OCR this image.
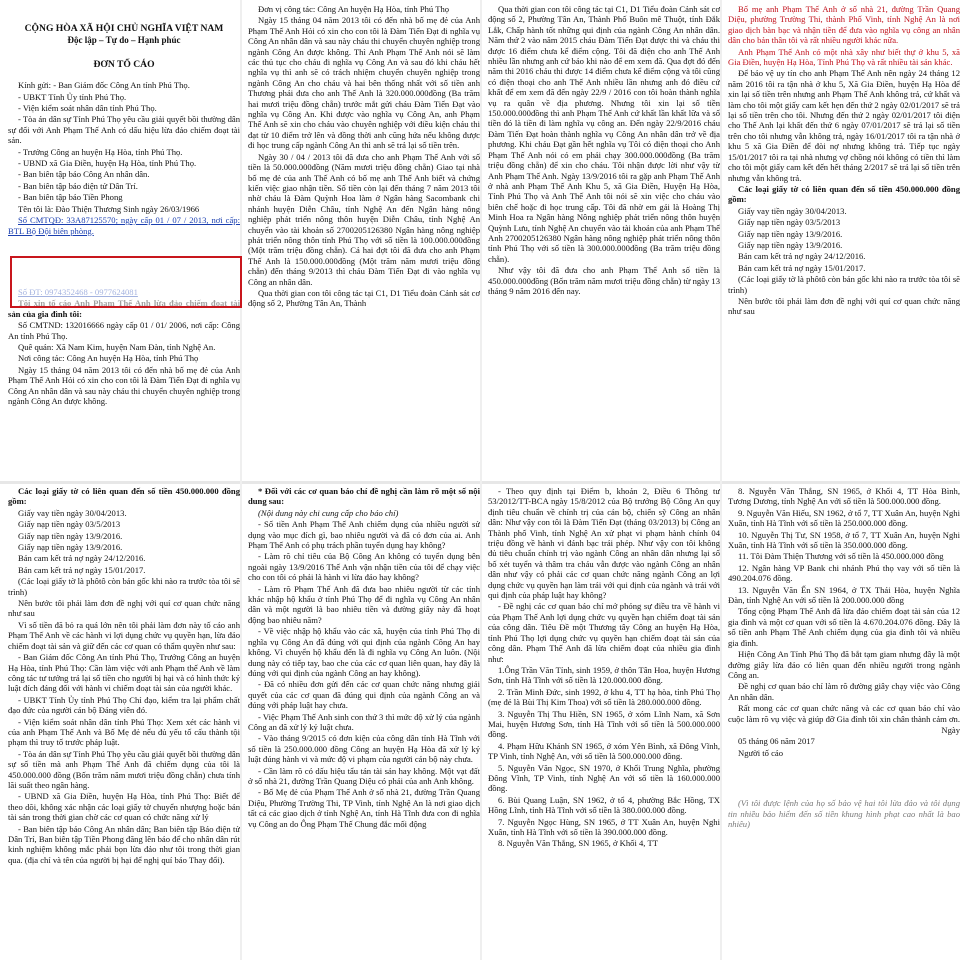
CỘNG HÒA XÃ HỘI CHỦ NGHĨA VIỆT NAM

Độc lập – Tự do – Hạnh phúc

ĐƠN TỐ CÁO

Kính gửi: - Ban Giám đốc Công An tỉnh Phú Thọ.

- UBKT Tỉnh Ủy tỉnh Phú Thọ.

- Viện kiểm soát nhân dân tỉnh Phú Thọ.

- Tòa án dân sự Tỉnh Phú Thọ yêu cầu giải quyết bồi thường dân sự đối với Anh Phạm Thế Anh có dấu hiệu lừa đảo chiếm đoạt tài sản.

- Trưởng Công an huyện Hạ Hòa, tỉnh Phú Thọ.

- UBND xã Gia Điền, huyện Hạ Hòa, tỉnh Phú Thọ.

- Ban biên tập báo Công An nhân dân.

- Ban biên tập báo điện tử Dân Trí.

- Ban biên tập báo Tiền Phong

Tên tôi là: Đào Thiện Thương Sinh ngày 26/03/1966

Số CMTQĐ: 33A87125570; ngày cấp 01 / 07 / 2013, nơi cấp: BTL Bộ Đội biên phòng.

sản của gia đình tôi:

Số CMTND: 132016666 ngày cấp 01 / 01/ 2006, nơi cấp: Công An tỉnh Phú Thọ.

Quê quán: Xã Nam Kim, huyện Nam Đàn, tỉnh Nghệ An.

Nơi công tác: Công An huyện Hạ Hòa, tỉnh Phú Thọ

Ngày 15 tháng 04 năm 2013 tôi có đến nhà bố mẹ đẻ của Anh Phạm Thế Anh Hỏi có xin cho con tôi là Đàm Tiến Đạt đi nghĩa vụ Công An nhân dân và sau này cháu thi chuyển chuyên nghiệp trong ngành Công An được không.

Đơn vị công tác: Công An huyện Hạ Hòa, tỉnh Phú Thọ

Ngày 15 tháng 04 năm 2013 tôi có đến nhà bố mẹ đẻ của Anh Phạm Thế Anh Hỏi có xin cho con tôi là Đàm Tiến Đạt đi nghĩa vụ Công An nhân dân và sau này cháu thi chuyển chuyên nghiệp trong ngành Công An được không. Thì Anh Phạm Thế Anh nói sẽ làm các thủ tục cho cháu đi nghĩa vụ Công An và sau đó khi cháu hết nghĩa vụ thì anh sẽ có trách nhiệm chuyển chuyên nghiệp trong ngành Công An cho cháu và hai bên thống nhất với số tiền anh Thương phải đưa cho anh Thế Anh là 320.000.000đồng (Ba trăm hai mươi triệu đồng chẵn) trước mắt gửi cháu Đàm Tiến Đạt vào nghĩa vụ Công An. Khi được vào nghĩa vụ Công An, anh Phạm Thế Anh sẽ xin cho cháu vào chuyên nghiệp với điều kiện cháu thi đạt từ 10 điểm trở lên và đồng thời anh cũng hứa nếu không được đi học trung cấp ngành Công An thì anh sẽ trả lại số tiền trên.

Ngày 30 / 04 / 2013 tôi đã đưa cho anh Phạm Thế Anh với số tiền là 50.000.000đồng (Năm mươi triệu đồng chẵn) Giao tại nhà bố mẹ đẻ của anh Thế Anh có bố mẹ anh Thế Anh biết và chứng kiến việc giao nhận tiền. Số tiền còn lại đến tháng 7 năm 2013 tôi nhờ cháu là Đàm Quỳnh Hoa làm ở Ngân hàng Sacombank chi nhánh huyện Diễn Châu, tỉnh Nghệ An đến Ngân hàng nông nghiệp phát triển nông thôn huyện Diễn Châu, tỉnh Nghệ An chuyển vào tài khoản số 2700205126380 Ngân hàng nông nghiệp phát triển nông thôn tỉnh Phú Thọ với số tiền là 100.000.000đồng (Một trăm triệu đồng chẵn). Cả hai đợt tôi đã đưa cho anh Phạm Thế Anh là 150.000.000đồng (Một trăm năm mươi triệu đồng chẵn) đến tháng 9/2013 thì cháu Đàm Tiến Đạt đi vào nghĩa vụ Công an nhân dân.

Qua thời gian con tôi công tác tại C1, D1 Tiểu đoàn Cảnh sát cơ động số 2, Phường Tân An, Thành

Qua thời gian con tôi công tác tại C1, D1 Tiểu đoàn Cảnh sát cơ động số 2, Phường Tân An, Thành Phố Buôn mê Thuột, tỉnh Đắk Lắk, Chấp hành tốt những qui định của ngành Công An nhân dân. Năm thứ 2 vào năm 2015 cháu Đàm Tiến Đạt được thi và cháu thi được 16 điểm chưa kể điểm cộng. Tôi đã điện cho anh Thế Anh nhiều lần nhưng anh cứ bảo khi nào để em xem đã. Qua đợt đó đến năm thi 2016 cháu thi được 14 điểm chưa kể điểm cộng và tôi cũng có điện thoại cho anh Thế Anh nhiều lần nhưng anh đó điều cứ khất để em xem đã đến ngày 22/9 / 2016 con tôi hoàn thành nghĩa vụ ra quân về địa phương. Nhưng tôi xin lại số tiền 150.000.000đồng thì anh Phạm Thế Anh cứ khất lần khất lữa và số tiền đó là tiền đi làm nghĩa vụ công an. Đến ngày 22/9/2016 cháu Đàm Tiến Đạt hoàn thành nghĩa vụ Công An nhân dân trở về địa phương. Khi cháu Đạt gần hết nghĩa vụ Tôi có điện thoại cho Anh Phạm Thế Anh nói có em phải chạy 300.000.000đồng (Ba trăm triệu đồng chẵn) để xin cho cháu. Tôi nhận được lời như vậy từ Anh Phạm Thế Anh. Ngày 13/9/2016 tôi ra gặp anh Phạm Thế Anh ở nhà anh Phạm Thế Anh Khu 5, xã Gia Điền, Huyện Hạ Hòa, Tỉnh Phú Thọ và Anh Thế Anh tôi nói sẽ xin việc cho cháu vào biên chế hoặc đi học trung cấp. Tôi đã nhờ em gái là Hoàng Thị Minh Hoa ra Ngân hàng Nông nghiệp phát triển nông thôn huyện Quỳnh Lưu, tỉnh Nghệ An chuyển vào tài khoản của anh Phạm Thế Anh 2700205126380 Ngân hàng nông nghiệp phát triển nông thôn tỉnh Phú Thọ với số tiền là 300.000.000đồng (Ba trăm triệu đồng chẵn).

Như vậy tôi đã đưa cho anh Phạm Thế Anh số tiền là 450.000.000đồng (Bốn trăm năm mươi triệu đồng chẵn) từ ngày 13 tháng 9 năm 2016 đến nay.

Bố mẹ anh Phạm Thế Anh ở số nhà 21, đường Trần Quang Diệu, phường Trường Thi, thành Phố Vinh, tỉnh Nghệ An là nơi giao dịch bàn bạc và nhận tiền để đưa vào nghĩa vụ công an nhân dân cho bản thân tôi và rất nhiều người khác nữa.

Anh Phạm Thế Anh có một nhà xây như biết thự ở khu 5, xã Gia Điền, huyện Hạ Hòa, Tỉnh Phú Thọ và rất nhiều tài sản khác.

Để bảo vệ uy tín cho anh Phạm Thế Anh nên ngày 24 tháng 12 năm 2016 tôi ra tận nhà ở khu 5, Xã Gia Điền, huyện Hạ Hòa để xin lại số tiền trên nhưng anh Phạm Thế Anh không trả, cứ khất và làm cho tôi một giấy cam kết hẹn đến thứ 2 ngày 02/01/2017 sẽ trả lại số tiền trên cho tôi. Nhưng đến thứ 2 ngày 02/01/2017 tôi điện cho Thế Anh lại khất đến thứ 6 ngày 07/01/2017 sẽ trả lại số tiền trên cho tôi nhưng vẫn không trả, ngày 16/01/2017 tôi ra tận nhà ở khu 5 xã Gia Điền để đòi nợ nhưng không trả. Tiếp tục ngày 15/01/2017 tôi ra tại nhà nhưng vợ chồng nói không có tiền thì làm cho tôi một giấy cam kết đến hết tháng 2/2017 sẽ trả lại số tiền trên nhưng vẫn không trả.

Các loại giấy tờ có liên quan đến số tiền 450.000.000 đồng gồm:

Giấy vay tiền ngày 30/04/2013.

Giấy nạp tiền ngày 03/5/2013

Giấy nạp tiền ngày 13/9/2016.

Giấy nạp tiền ngày 13/9/2016.

Bản cam kết trả nợ ngày 24/12/2016.

Bản cam kết trả nợ ngày 15/01/2017.

(Các loại giấy tờ là phôtô còn bản gốc khi nào ra trước tòa tôi sẽ trình)

Nên bước tôi phải làm đơn đề nghị với quí cơ quan chức năng như sau

Các loại giấy tờ có liên quan đến số tiền 450.000.000 đồng gồm:

Giấy vay tiền ngày 30/04/2013.

Giấy nạp tiền ngày 03/5/2013

Giấy nạp tiền ngày 13/9/2016.

Giấy nạp tiền ngày 13/9/2016.

Bản cam kết trả nợ ngày 24/12/2016.

Bản cam kết trả nợ ngày 15/01/2017.

(Các loại giấy tờ là phôtô còn bản gốc khi nào ra trước tòa tôi sẽ trình)

Nên bước tôi phải làm đơn đề nghị với quí cơ quan chức năng như sau

Vì số tiền đã bỏ ra quá lớn nên tôi phải làm đơn này tố cáo anh Phạm Thế Anh về các hành vi lợi dụng chức vụ quyền hạn, lừa đảo chiếm đoạt tài sản và giữ đến các cơ quan có thẩm quyền như sau:

- Ban Giám đốc Công An tỉnh Phú Thọ, Trưởng Công an huyện Hạ Hòa, tỉnh Phú Thọ: Cần làm việc với anh Phạm thế Anh về làm công tác tư tưởng trả lại số tiền cho người bị hại và có hình thức kỷ luật đích đáng đối với hành vi chiếm đoạt tài sản của người khác.

- UBKT Tỉnh Ủy tỉnh Phú Thọ Chỉ đạo, kiểm tra lại phẩm chất đạo đức của người cán bộ Đảng viên đó.

- Viện kiểm soát nhân dân tỉnh Phú Thọ: Xem xét các hành vi của anh Phạm Thế Anh và Bố Mẹ đẻ nếu đủ yếu tố cấu thành tội phạm thì truy tố trước pháp luật.

- Tòa án dân sự Tỉnh Phú Thọ yêu cầu giải quyết bồi thường dân sự số tiền mà anh Phạm Thế Anh đã chiếm dụng của tôi là 450.000.000 đồng (Bốn trăm năm mươi triệu đồng chẵn) chưa tính lãi suất theo ngân hàng.

- UBND xã Gia Điền, huyện Hạ Hòa, tỉnh Phú Thọ: Biết để theo dõi, không xác nhận các loại giấy tờ chuyển nhượng hoặc bán tài sản trong thời gian chờ các cơ quan có chức năng xử lý

- Ban biên tập báo Công An nhân dân; Ban biên tập Báo điện tử Dân Trí, Ban biên tập Tiền Phong đăng lên báo để cho nhân dân rút kinh nghiệm không mắc phải bọn lừa đảo như tôi trong thời gian qua. (địa chỉ và tên của người bị hại để nghị quí báo Thay đổi).

* Đối với các cơ quan báo chí đề nghị cần làm rõ một số nội dung sau:

(Nội dung này chi cung cấp cho báo chí)

- Số tiền Anh Phạm Thế Anh chiếm dụng của nhiều người sử dụng vào mục đích gì, bao nhiêu người và đã có đơn của ai. Anh Phạm Thế Anh có phụ trách phần tuyển dụng hay không?

- Làm rõ chỉ tiêu của Bộ Công An không có tuyển dụng bên ngoài ngày 13/9/2016 Thế Anh vận nhận tiền của tôi để chạy việc cho con tôi có phải là hành vi lừa đảo hay không?

- Làm rõ Phạm Thế Anh đã đưa bao nhiêu người từ các tỉnh khác nhập hộ khẩu ở tỉnh Phú Thọ để đi nghĩa vụ Công An nhân dân và một người là bao nhiêu tiền và đường giây này đã hoạt động bao nhiêu năm?

- Về việc nhập hộ khẩu vào các xã, huyện của tỉnh Phú Thọ đi nghĩa vụ Công An đã đúng với qui định của ngành Công An hay không. Vì chuyển hộ khẩu đến là đi nghĩa vụ Công An luôn. (Nội dung này có tiếp tay, bao che của các cơ quan liên quan, hay đây là đúng với qui định của ngành Công an hay không).

- Đã có nhiều đơn gửi đến các cơ quan chức năng nhưng giải quyết của các cơ quan đã đúng qui định của ngành Công an và đúng với pháp luật hay chưa.

- Việc Phạm Thế Anh sinh con thứ 3 thì mức độ xử lý của ngành Công an đã xử lý kỷ luật chưa.

- Vào tháng 9/2015 có đơn kiện của công dân tỉnh Hà Tĩnh với số tiền là 250.000.000 đồng Công an huyện Hạ Hòa đã xử lý kỷ luật đúng hành vi và mức độ vi phạm của người cán bộ này chưa.

- Cần làm rõ có dấu hiệu tẩu tán tài sản hay không. Một vạt đất ở số nhà 21, đường Trần Quang Diệu có phải của anh Anh không.

- Bố Mẹ đẻ của Phạm Thế Anh ở số nhà 21, đường Trần Quang Diệu, Phường Trường Thi, TP Vinh, tỉnh Nghệ An là nơi giao dịch tất cả các giao dịch ở tỉnh Nghệ An, tỉnh Hà Tĩnh đưa con đi nghĩa vụ Công an do Ông Phạm Thế Chung đắc mối động

- Theo quy định tại Điểm b, khoản 2, Điều 6 Thông tư 53/2012/TT-BCA ngày 15/8/2012 của Bộ trưởng Bộ Công An quy định tiêu chuẩn về chính trị của cán bộ, chiến sỹ Công an nhân dân: Như vậy con tôi là Đàm Tiến Đạt (tháng 03/2013) bị Công an Thành phố Vinh, tỉnh Nghệ An xử phạt vi phạm hành chính 04 triệu đồng về hành vi đánh bạc trái phép. Như vậy con tôi không đủ tiêu chuẩn chính trị vào ngành Công an nhân dân nhưng lại số bố xét tuyển và thâm tra cháu vẫn được vào ngành Công an nhân dân như vậy có phải các cơ quan chức năng ngành Công an lợi dụng chức vụ quyền hạn làm trái với qui định của ngành và trái với qui định của pháp luật hay không?

- Đề nghị các cơ quan báo chí mở phóng sự điều tra về hành vi của Phạm Thế Anh lợi dụng chức vụ quyền hạn chiếm đoạt tài sản của công dân. Tiêu Đề một Thương tây Công an huyện Hạ Hòa, tỉnh Phú Thọ lợi dụng chức vụ quyền hạn chiếm đoạt tài sản của công dân. Phạm Thế Anh đã lừa chiếm đoạt của nhiều gia đình như:

1.Ông Trần Văn Tỉnh, sinh 1959, ở thôn Tân Hoa, huyện Hương Sơn, tỉnh Hà Tĩnh với số tiền là 120.000.000 đồng.

2. Trần Minh Đức, sinh 1992, ở khu 4, TT hạ hòa, tỉnh Phú Thọ (mẹ đẻ là Bùi Thị Kim Thoa) với số tiền là 280.000.000 đồng.

3. Nguyễn Thị Thu Hiền, SN 1965, ở xóm Lĩnh Nam, xã Sơn Mai, huyện Hương Sơn, tỉnh Hà Tĩnh với số tiền là 500.000.000 đồng.

4. Phạm Hữu Khánh SN 1965, ở xóm Yên Bình, xã Đông Vĩnh, TP Vinh, tỉnh Nghệ An, với số tiền là 500.000.000 đồng.

5. Nguyễn Văn Ngọc, SN 1970, ở Khối Trung Nghĩa, phường Đông Vĩnh, TP Vinh, tỉnh Nghệ An với số tiền là 160.000.000 đồng.

6. Bùi Quang Luận, SN 1962, ở tổ 4, phường Bắc Hồng, TX Hồng Lĩnh, tỉnh Hà Tĩnh với số tiền là 380.000.000 đồng.

7. Nguyễn Ngọc Hùng, SN 1965, ở TT Xuân An, huyện Nghi Xuân, tỉnh Hà Tĩnh với số tiền là 390.000.000 đồng.

8. Nguyễn Văn Thắng, SN 1965, ở Khối 4, TT

8. Nguyễn Văn Thắng, SN 1965, ở Khối 4, TT Hòa Bình, Tương Dương, tỉnh Nghệ An với số tiền là 500.000.000 đồng.

9. Nguyễn Văn Hiếu, SN 1962, ở tổ 7, TT Xuân An, huyện Nghi Xuân, tỉnh Hà Tĩnh với số tiền là 250.000.000 đồng.

10. Nguyễn Thị Tư, SN 1958, ở tổ 7, TT Xuân An, huyện Nghi Xuân, tỉnh Hà Tĩnh với số tiền là 350.000.000 đồng.

11. Tôi Đàm Thiện Thương với số tiền là 450.000.000 đồng

12. Ngân hàng VP Bank chi nhánh Phú thọ vay với số tiền là 490.204.076 đồng.

13. Nguyễn Văn Ến SN 1964, ở TX Thái Hòa, huyện Nghĩa Đàn, tỉnh Nghệ An với số tiền là 200.000.000 đồng

Tổng cộng Phạm Thế Anh đã lừa đảo chiếm đoạt tài sản của 12 gia đình và một cơ quan với số tiền là 4.670.204.076 đồng. Đây là số tiền anh Phạm Thế Anh chiếm dụng của gia đình tôi và nhiều gia đình.

Hiện Công An Tỉnh Phú Thọ đã bắt tạm giam nhưng đây là một đường giây lừa đảo có liên quan đến nhiều người trong ngành Công an.

Đề nghị cơ quan báo chí làm rõ đường giây chạy việc vào Công An nhân dân.

Rất mong các cơ quan chức năng và các cơ quan báo chí vào cuộc làm rõ vụ việc và giúp đỡ Gia đình tôi xin chân thành cảm ơn.

Ngày

05 tháng 06 năm 2017

Người tố cáo

(Vì tôi được lệnh của họ số bảo vệ hai tôi lừa đảo và tôi dụng tin nhiều bảo hiểm đến số tiền khung hình phạt cao nhất là bao nhiêu)
